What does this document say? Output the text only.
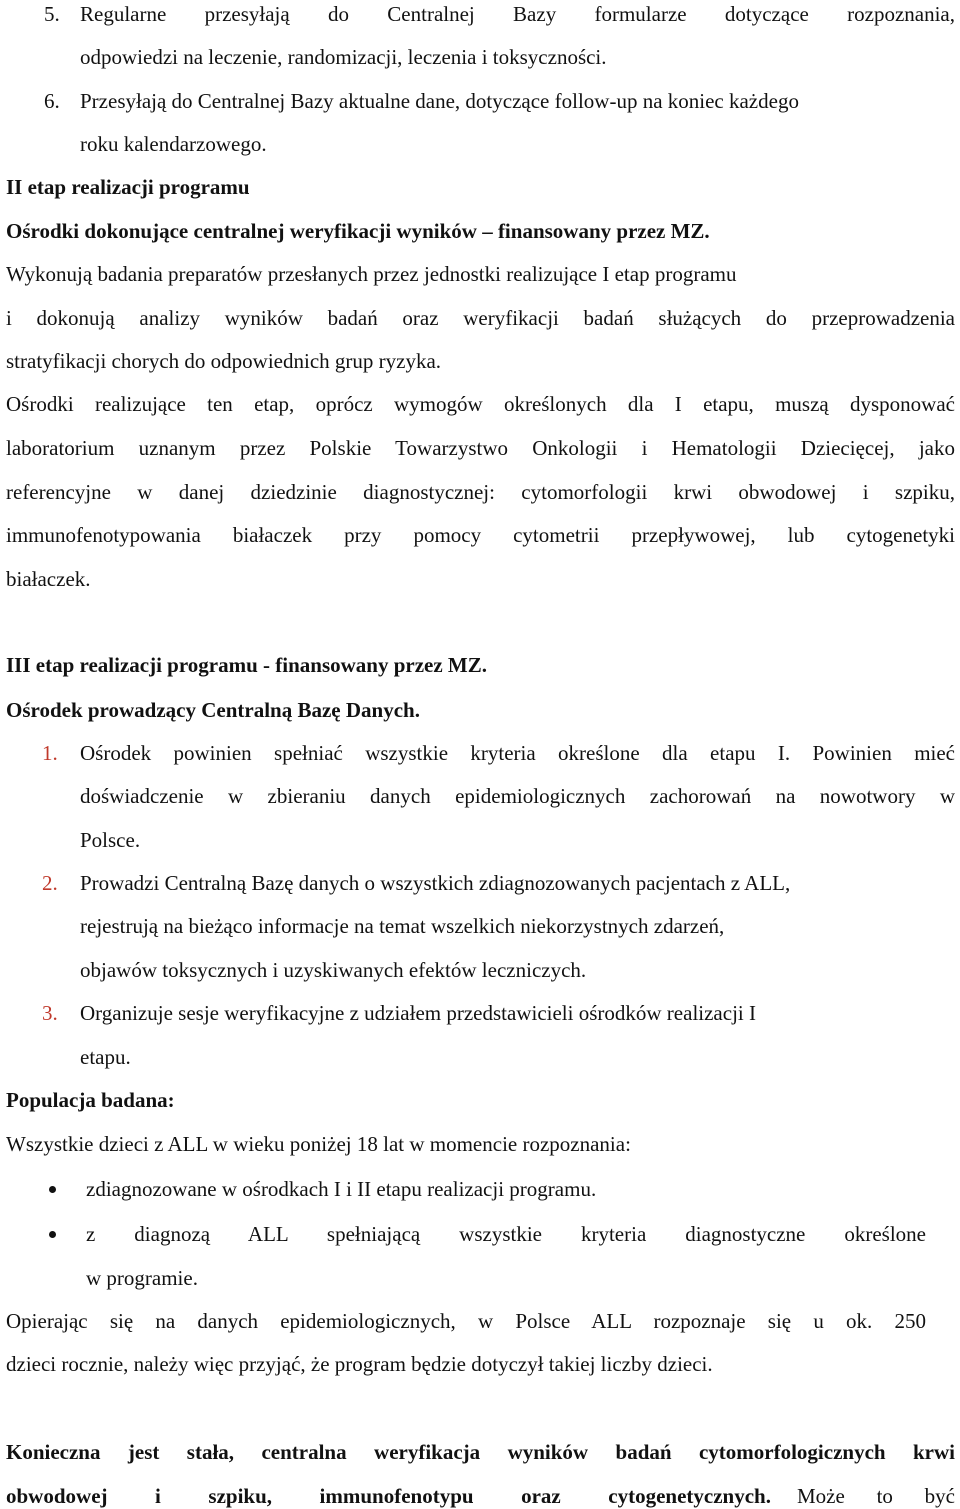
5. Regularne przesyłają do Centralnej Bazy formularze dotyczące rozpoznania,
odpowiedzi na leczenie, randomizacji, leczenia i toksyczności.
6. Przesyłają do Centralnej Bazy aktualne dane, dotyczące follow-up na koniec każdego
roku kalendarzowego.
II etap realizacji programu
Ośrodki dokonujące centralnej weryfikacji wyników – finansowany przez MZ.
Wykonują badania preparatów przesłanych przez jednostki realizujące I etap programu
i dokonują analizy wyników badań oraz weryfikacji badań służących do przeprowadzenia
stratyfikacji chorych do odpowiednich grup ryzyka.
Ośrodki realizujące ten etap, oprócz wymogów określonych dla I etapu, muszą dysponować
laboratorium uznanym przez Polskie Towarzystwo Onkologii i Hematologii Dziecięcej, jako
referencyjne w danej dziedzinie diagnostycznej: cytomorfologii krwi obwodowej i szpiku,
immunofenotypowania białaczek przy pomocy cytometrii przepływowej, lub cytogenetyki
białaczek.
III etap realizacji programu - finansowany przez MZ.
Ośrodek prowadzący Centralną Bazę Danych.
1. Ośrodek powinien spełniać wszystkie kryteria określone dla etapu I. Powinien mieć
doświadczenie w zbieraniu danych epidemiologicznych zachorowań na nowotwory w
Polsce.
2. Prowadzi Centralną Bazę danych o wszystkich zdiagnozowanych pacjentach z ALL,
rejestrują na bieżąco informacje na temat wszelkich niekorzystnych zdarzeń,
objawów toksycznych i uzyskiwanych efektów leczniczych.
3. Organizuje sesje weryfikacyjne z udziałem przedstawicieli ośrodków realizacji I
etapu.
Populacja badana:
Wszystkie dzieci z ALL w wieku poniżej 18 lat w momencie rozpoznania:
zdiagnozowane w ośrodkach I i II etapu realizacji programu.
z diagnozą ALL spełniającą wszystkie kryteria diagnostyczne określone
w programie.
Opierając się na danych epidemiologicznych, w Polsce ALL rozpoznaje się u ok. 250
dzieci rocznie, należy więc przyjąć, że program będzie dotyczył takiej liczby dzieci.
Konieczna jest stała, centralna weryfikacja wyników badań cytomorfologicznych krwi
obwodowej i szpiku, immunofenotypu oraz cytogenetycznych. Może to być
